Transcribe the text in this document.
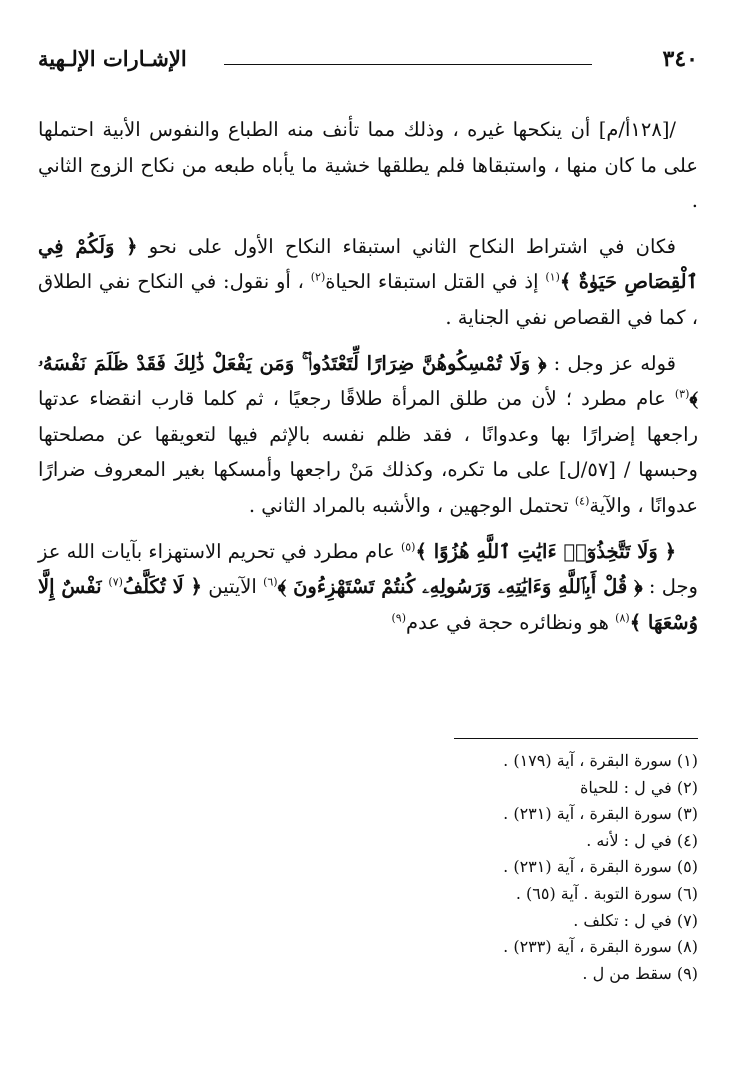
٣٤٠
الإشـارات الإلـهية

/[١٢٨أ/م] أن ينكحها غيره ، وذلك مما تأنف منه الطباع والنفوس الأبية احتملها على ما كان منها ، واستبقاها فلم يطلقها خشية ما يأباه طبعه من نكاح الزوج الثاني .

فكان في اشتراط النكاح الثاني استبقاء النكاح الأول على نحو ﴿ وَلَكُمْ فِي ٱلْقِصَاصِ حَيَوٰةٌ ﴾$^{(١)}$ إذ في القتل استبقاء الحياة$^{(٢)}$ ، أو نقول: في النكاح نفي الطلاق ، كما في القصاص نفي الجناية .

قوله عز وجل : ﴿ وَلَا تُمْسِكُوهُنَّ ضِرَارًا لِّتَعْتَدُوا۟ ۚ وَمَن يَفْعَلْ ذَٰلِكَ فَقَدْ ظَلَمَ نَفْسَهُۥ ﴾$^{(٣)}$ عام مطرد ؛ لأن من طلق المرأة طلاقًا رجعيًا ، ثم كلما قارب انقضاء عدتها راجعها إضرارًا بها وعدوانًا ، فقد ظلم نفسه بالإثم فيها لتعويقها عن مصلحتها وحبسها / [٥٧/ل] على ما تكره، وكذلك مَنْ راجعها وأمسكها بغير المعروف ضرارًا عدوانًا ، والآية$^{(٤)}$ تحتمل الوجهين ، والأشبه بالمراد الثاني .

﴿ وَلَا تَتَّخِذُوٓا۟ ءَايَٰتِ ٱللَّهِ هُزُوًا ﴾$^{(٥)}$ عام مطرد في تحريم الاستهزاء بآيات الله عز وجل : ﴿ قُلْ أَبِٱللَّهِ وَءَايَٰتِهِۦ وَرَسُولِهِۦ كُنتُمْ تَسْتَهْزِءُونَ ﴾$^{(٦)}$ الآيتين ﴿ لَا تُكَلَّفُ$^{(٧)}$ نَفْسٌ إِلَّا وُسْعَهَا ﴾$^{(٨)}$ هو ونظائره حجة في عدم$^{(٩)}$

(١) سورة البقرة ، آية (١٧٩) .

(٢) في ل : للحياة

(٣) سورة البقرة ، آية (٢٣١) .

(٤) في ل : لأنه .

(٥) سورة البقرة ، آية (٢٣١) .

(٦) سورة التوبة . آية (٦٥) .

(٧) في ل : تكلف .

(٨) سورة البقرة ، آية (٢٣٣) .

(٩) سقط من ل .
